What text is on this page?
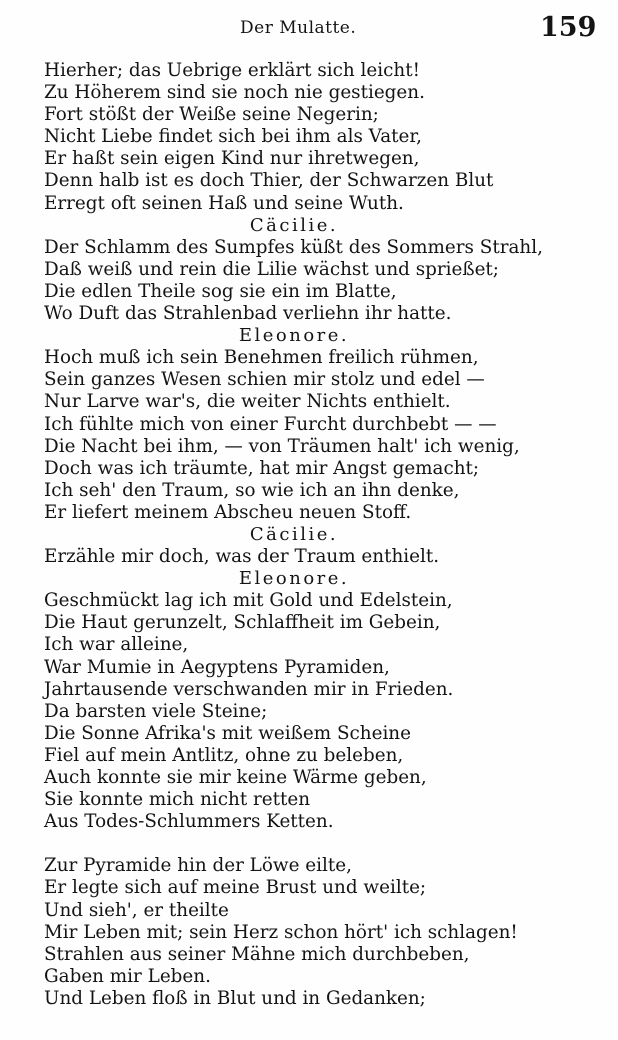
Der Mulatte.	159
Hierher; das Uebrige erklärt sich leicht!
Zu Höherem sind sie noch nie gestiegen.
Fort stößt der Weiße seine Negerin;
Nicht Liebe findet sich bei ihm als Vater,
Er haßt sein eigen Kind nur ihretwegen,
Denn halb ist es doch Thier, der Schwarzen Blut
Erregt oft seinen Haß und seine Wuth.
Cäcilie.
Der Schlamm des Sumpfes küßt des Sommers Strahl,
Daß weiß und rein die Lilie wächst und sprießet;
Die edlen Theile sog sie ein im Blatte,
Wo Duft das Strahlenbad verliehn ihr hatte.
Eleonore.
Hoch muß ich sein Benehmen freilich rühmen,
Sein ganzes Wesen schien mir stolz und edel —
Nur Larve war's, die weiter Nichts enthielt.
Ich fühlte mich von einer Furcht durchbebt — —
Die Nacht bei ihm, — von Träumen halt' ich wenig,
Doch was ich träumte, hat mir Angst gemacht;
Ich seh' den Traum, so wie ich an ihn denke,
Er liefert meinem Abscheu neuen Stoff.
Cäcilie.
Erzähle mir doch, was der Traum enthielt.
Eleonore.
Geschmückt lag ich mit Gold und Edelstein,
Die Haut gerunzelt, Schlaffheit im Gebein,
Ich war alleine,
War Mumie in Aegyptens Pyramiden,
Jahrtausende verschwanden mir in Frieden.
Da barsten viele Steine;
Die Sonne Afrika's mit weißem Scheine
Fiel auf mein Antlitz, ohne zu beleben,
Auch konnte sie mir keine Wärme geben,
Sie konnte mich nicht retten
Aus Todes-Schlummers Ketten.
Zur Pyramide hin der Löwe eilte,
Er legte sich auf meine Brust und weilte;
Und sieh', er theilte
Mir Leben mit; sein Herz schon hört' ich schlagen!
Strahlen aus seiner Mähne mich durchbeben,
Gaben mir Leben.
Und Leben floß in Blut und in Gedanken;
